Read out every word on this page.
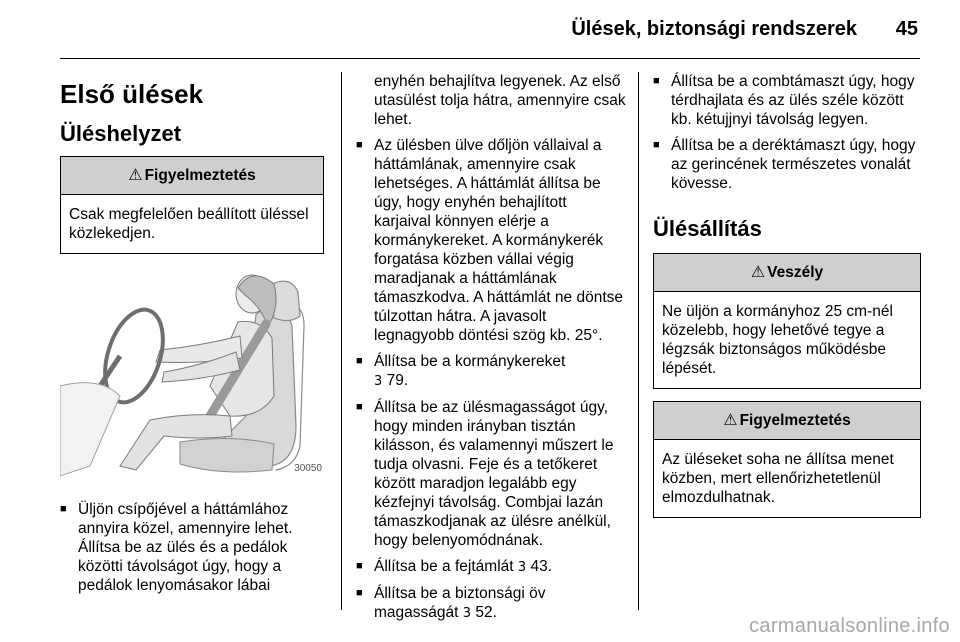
Ülések, biztonsági rendszerek 45
Első ülések
Üléshelyzet
⚠ Figyelmeztetés
Csak megfelelően beállított üléssel közlekedjen.
30050
■ Üljön csípőjével a háttámlához annyira közel, amennyire lehet. Állítsa be az ülés és a pedálok közötti távolságot úgy, hogy a pedálok lenyomásakor lábai
enyhén behajlítva legyenek. Az első utasülést tolja hátra, amennyire csak lehet.
■ Az ülésben ülve dőljön vállaival a háttámlának, amennyire csak lehetséges. A háttámlát állítsa be úgy, hogy enyhén behajlított karjaival könnyen elérje a kormánykereket. A kormánykerék forgatása közben vállai végig maradjanak a háttámlának támaszkodva. A háttámlát ne döntse túlzottan hátra. A javasolt legnagyobb döntési szög kb. 25°.
■ Állítsa be a kormánykereket
3 79.
■ Állítsa be az ülésmagasságot úgy, hogy minden irányban tisztán kilásson, és valamennyi műszert le tudja olvasni. Feje és a tetőkeret között maradjon legalább egy kézfejnyi távolság. Combjai lazán támaszkodjanak az ülésre anélkül, hogy belenyomódnának.
■ Állítsa be a fejtámlát 3 43.
■ Állítsa be a biztonsági öv magasságát 3 52.
■ Állítsa be a combtámaszt úgy, hogy térdhajlata és az ülés széle között kb. kétujjnyi távolság legyen.
■ Állítsa be a deréktámaszt úgy, hogy az gerincének természetes vonalát kövesse.
Ülésállítás
⚠ Veszély
Ne üljön a kormányhoz 25 cm-nél közelebb, hogy lehetővé tegye a légzsák biztonságos működésbe lépését.
⚠ Figyelmeztetés
Az üléseket soha ne állítsa menet közben, mert ellenőrizhetetlenül elmozdulhatnak.
carmanualsonline.info
